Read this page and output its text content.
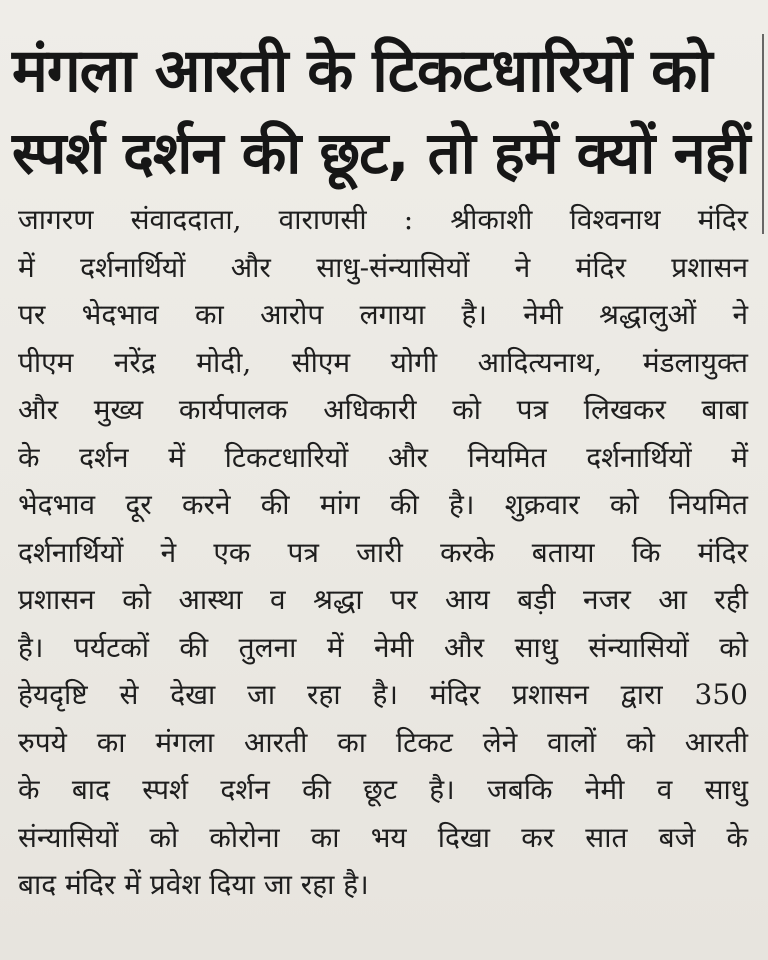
मंगला आरती के टिकटधारियों को
स्पर्श दर्शन की छूट, तो हमें क्यों नहीं
जागरण संवाददाता, वाराणसी : श्रीकाशी विश्वनाथ मंदिर
में दर्शनार्थियों और साधु-संन्यासियों ने मंदिर प्रशासन
पर भेदभाव का आरोप लगाया है। नेमी श्रद्धालुओं ने
पीएम नरेंद्र मोदी, सीएम योगी आदित्यनाथ, मंडलायुक्त
और मुख्य कार्यपालक अधिकारी को पत्र लिखकर बाबा
के दर्शन में टिकटधारियों और नियमित दर्शनार्थियों में
भेदभाव दूर करने की मांग की है। शुक्रवार को नियमित
दर्शनार्थियों ने एक पत्र जारी करके बताया कि मंदिर
प्रशासन को आस्था व श्रद्धा पर आय बड़ी नजर आ रही
है। पर्यटकों की तुलना में नेमी और साधु संन्यासियों को
हेयदृष्टि से देखा जा रहा है। मंदिर प्रशासन द्वारा 350
रुपये का मंगला आरती का टिकट लेने वालों को आरती
के बाद स्पर्श दर्शन की छूट है। जबकि नेमी व साधु
संन्यासियों को कोरोना का भय दिखा कर सात बजे के
बाद मंदिर में प्रवेश दिया जा रहा है।
